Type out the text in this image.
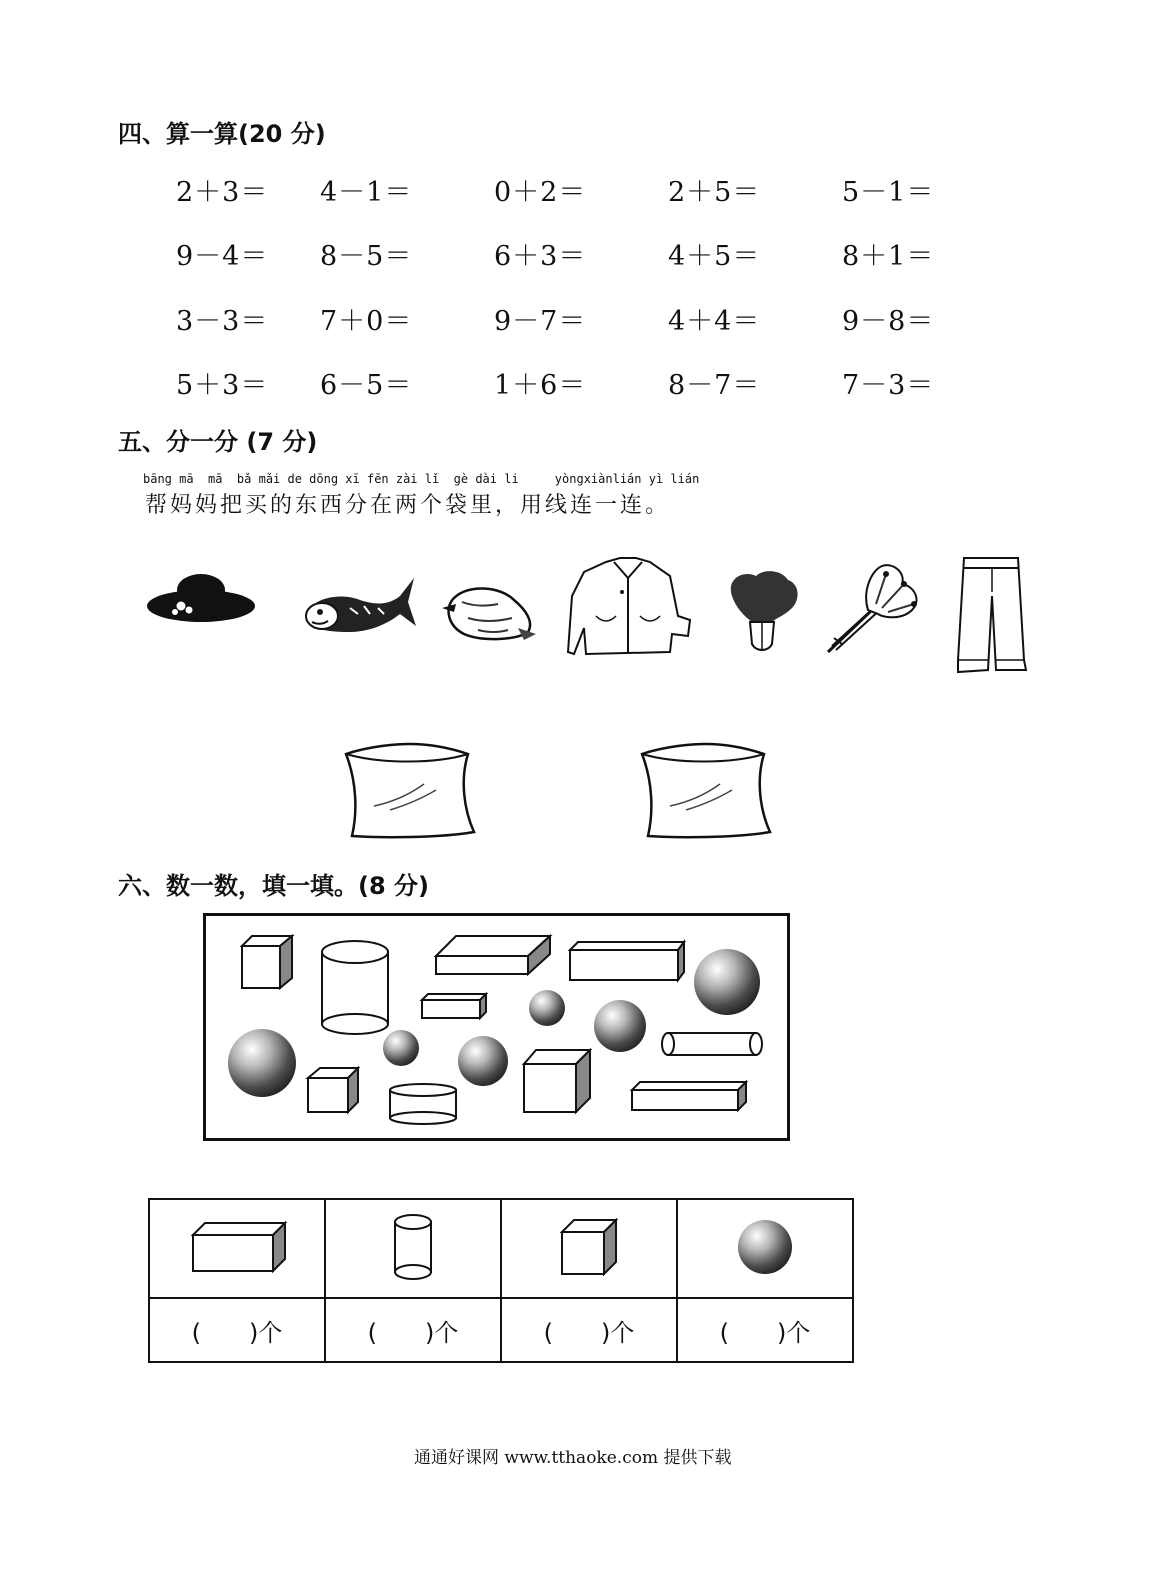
四、算一算(20 分)
2＋3＝ 4－1＝	0＋2＝	2＋5＝	5－1＝
9－4＝ 8－5＝	6＋3＝	4＋5＝	8＋1＝
3－3＝ 7＋0＝	9－7＝	4＋4＝	9－8＝
5＋3＝ 6－5＝	1＋6＝	8－7＝	7－3＝
五、分一分 (7 分)
bāng mā  mā  bǎ mǎi de dōng xī fēn zài lǐ  gè dài li     yòngxiànlián yì lián
帮妈妈把买的东西分在两个袋里，用线连一连。
六、数一数，填一填。(8 分)

(　　)个	(　　)个	(　　)个	(　　)个
通通好课网 www.tthaoke.com 提供下载
